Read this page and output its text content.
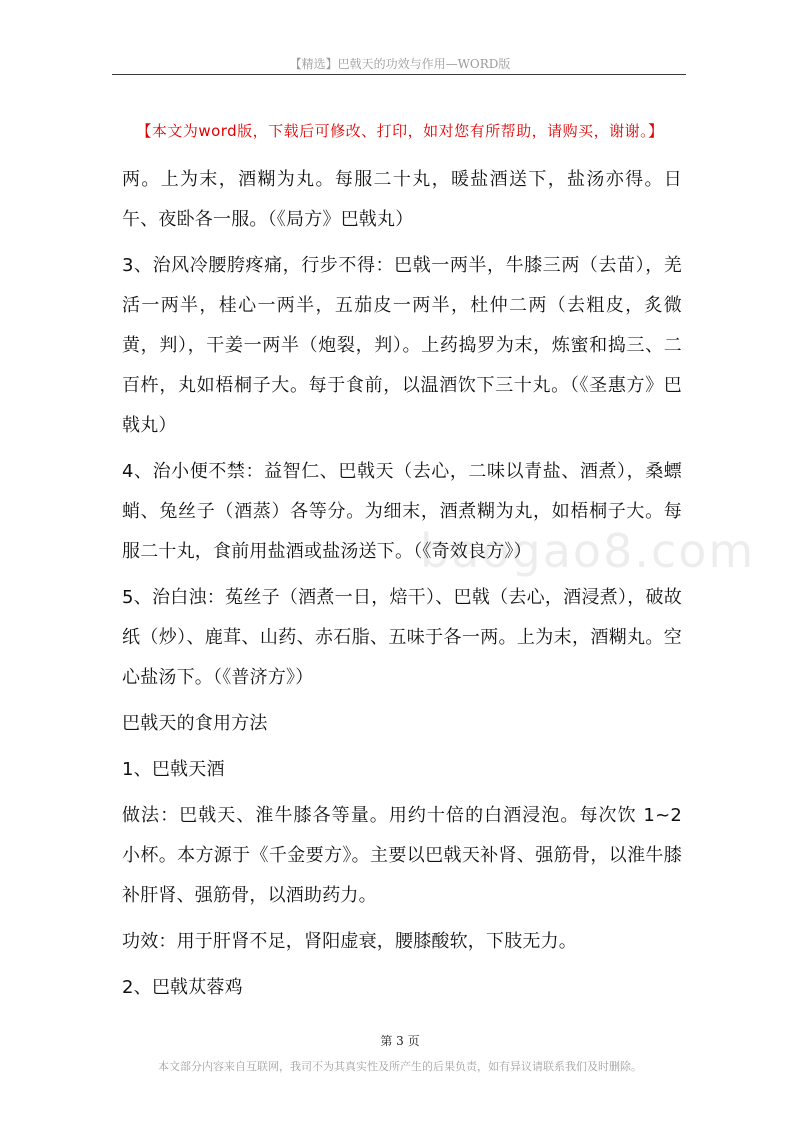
【精选】巴戟天的功效与作用—WORD版
【本文为word版，下载后可修改、打印，如对您有所帮助，请购买，谢谢。】

两。上为末，酒糊为丸。每服二十丸，暖盐酒送下，盐汤亦得。日午、夜卧各一服。（《局方》巴戟丸）

3、治风冷腰胯疼痛，行步不得：巴戟一两半，牛膝三两（去苗），羌活一两半，桂心一两半，五茄皮一两半，杜仲二两（去粗皮，炙微黄，判），干姜一两半（炮裂，判）。上药捣罗为末，炼蜜和捣三、二百杵，丸如梧桐子大。每于食前，以温酒饮下三十丸。（《圣惠方》巴戟丸）

4、治小便不禁：益智仁、巴戟天（去心，二味以青盐、酒煮），桑螵蛸、兔丝子（酒蒸）各等分。为细末，酒煮糊为丸，如梧桐子大。每服二十丸，食前用盐酒或盐汤送下。（《奇效良方》）

5、治白浊：菟丝子（酒煮一日，焙干）、巴戟（去心，酒浸煮），破故纸（炒）、鹿茸、山药、赤石脂、五味于各一两。上为末，酒糊丸。空心盐汤下。（《普济方》）

巴戟天的食用方法

1、巴戟天酒

做法：巴戟天、淮牛膝各等量。用约十倍的白酒浸泡。每次饮 1~2 小杯。本方源于《千金要方》。主要以巴戟天补肾、强筋骨，以淮牛膝补肝肾、强筋骨，以酒助药力。

功效：用于肝肾不足，肾阳虚衰，腰膝酸软，下肢无力。

2、巴戟苁蓉鸡

baogao8.com
第 3 页
本文部分内容来自互联网，我司不为其真实性及所产生的后果负责，如有异议请联系我们及时删除。
